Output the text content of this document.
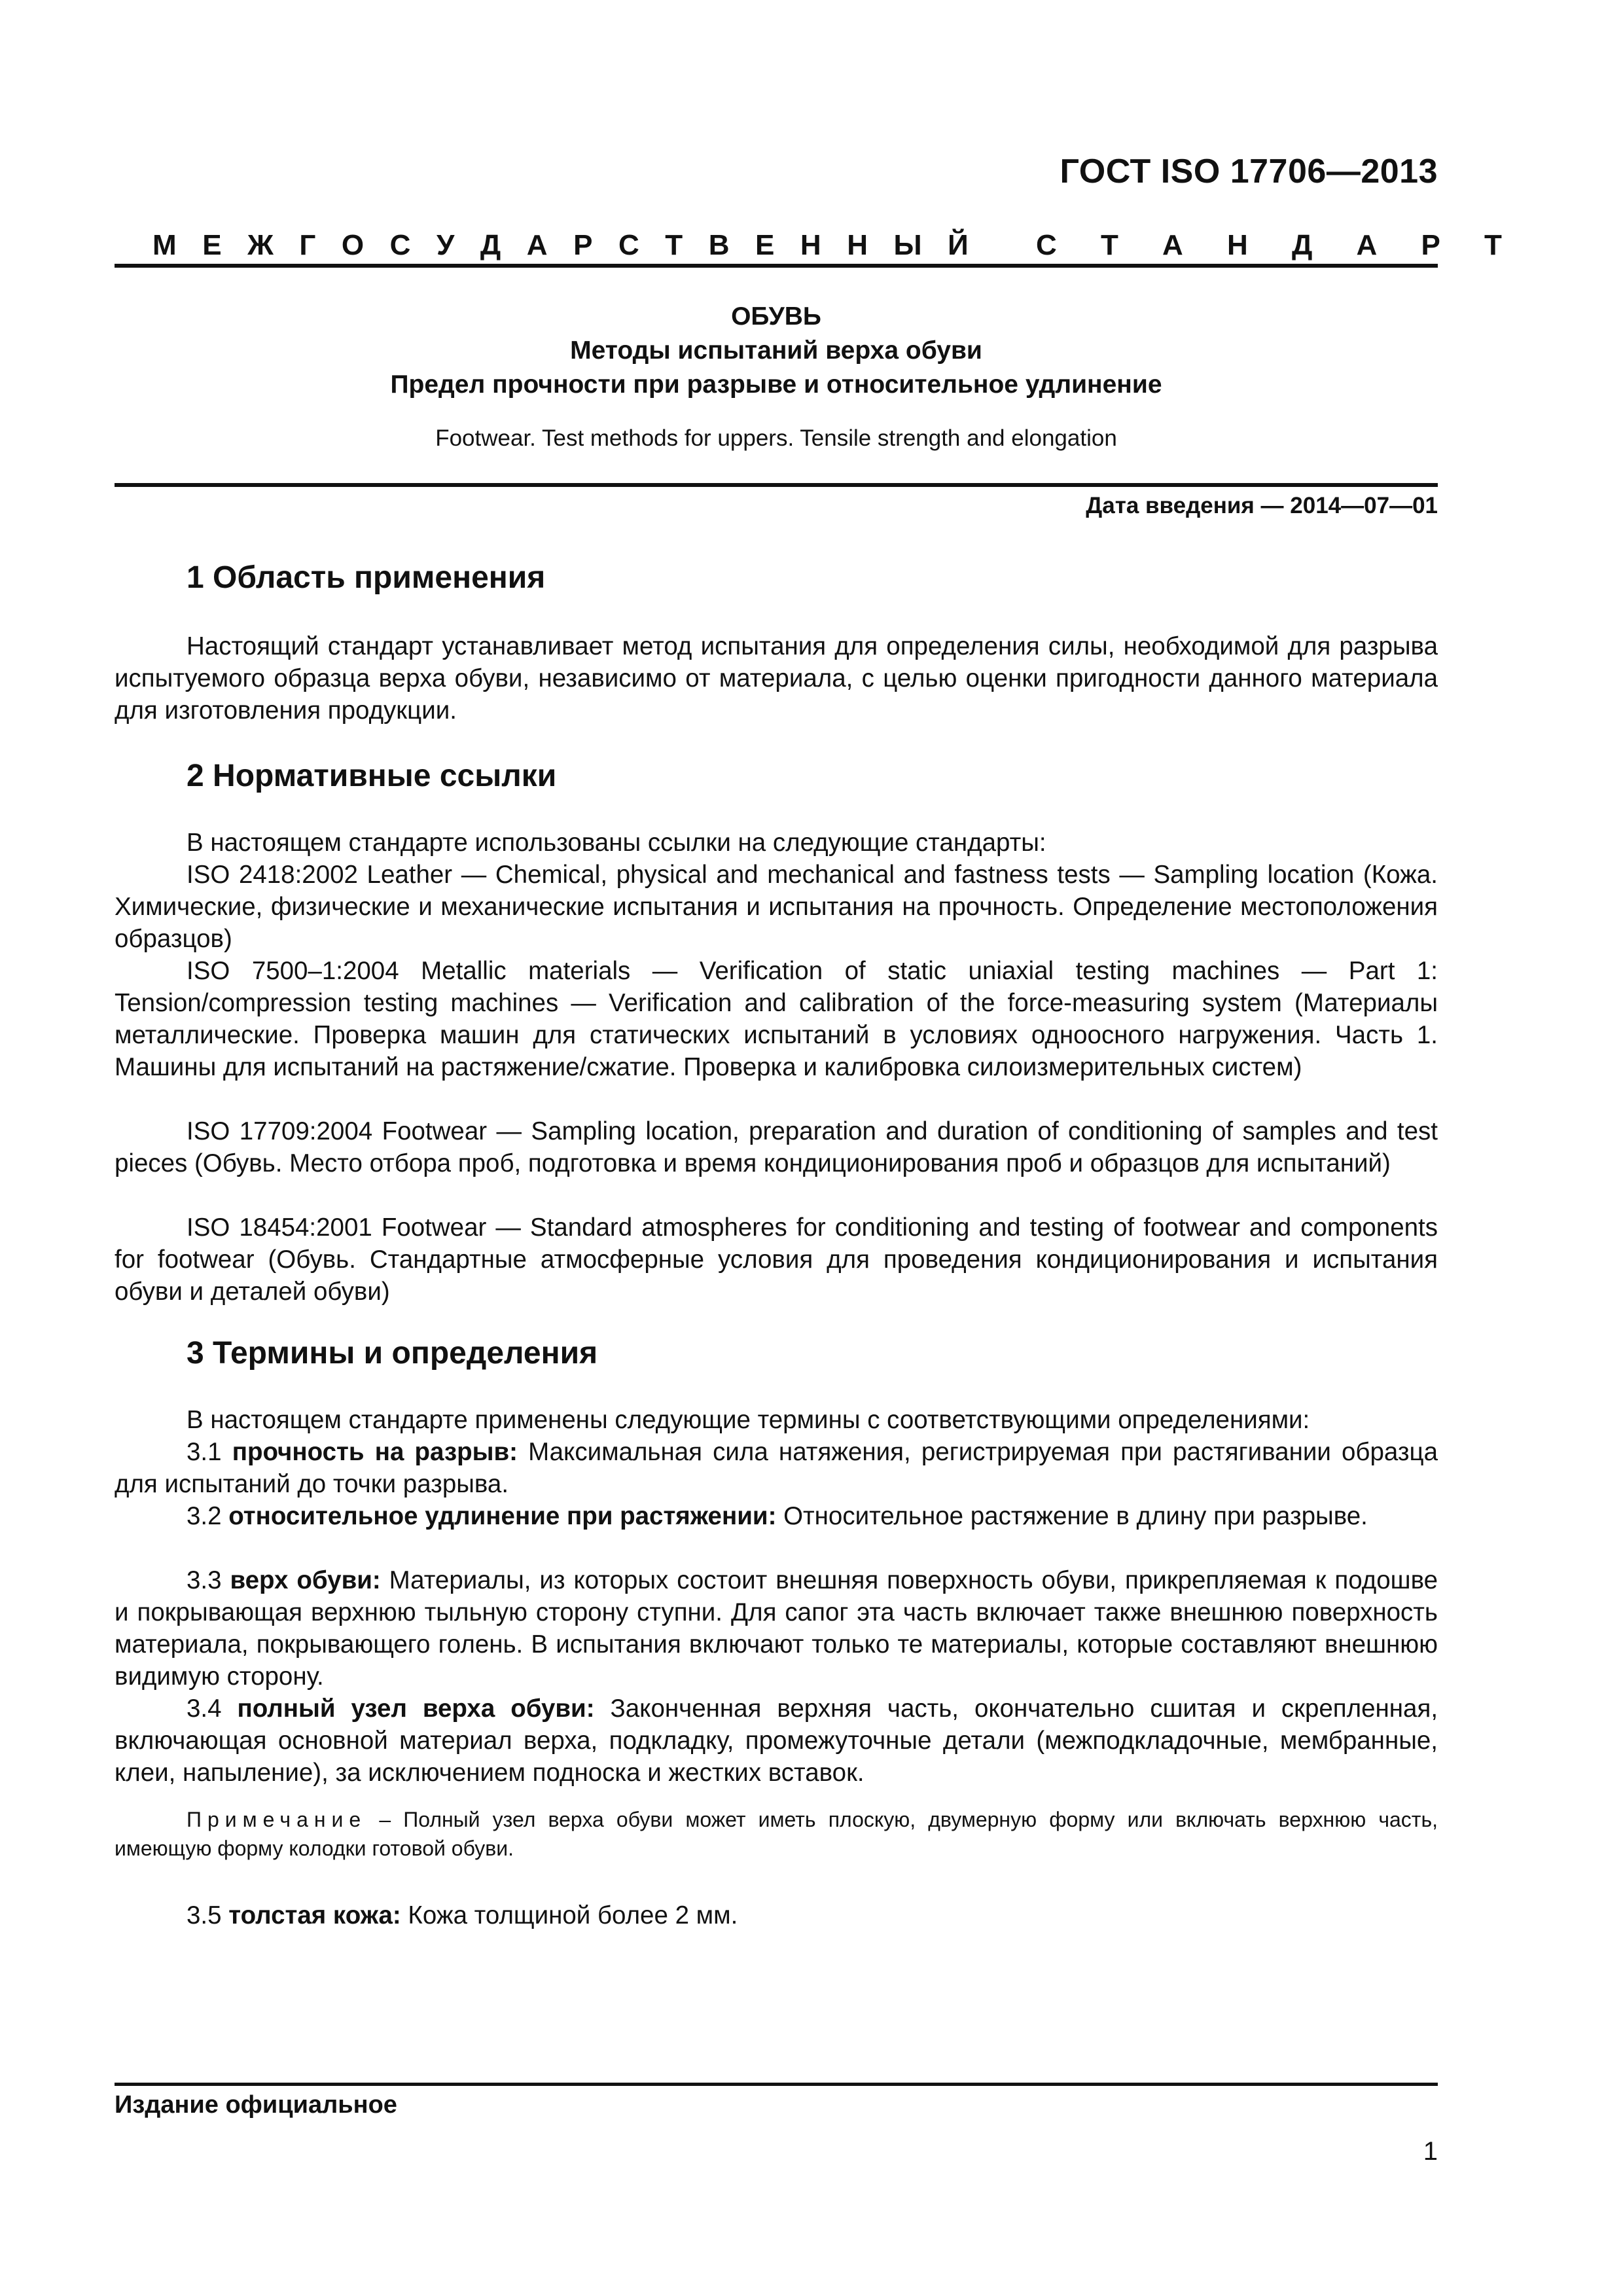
ГОСТ ISO 17706—2013
М Е Ж Г О С У Д А Р С Т В Е Н Н Ы Й С Т А Н Д А Р Т
ОБУВЬ
Методы испытаний верха обуви
Предел прочности при разрыве и относительное удлинение
Footwear. Test methods for uppers. Tensile strength and elongation
Дата введения — 2014—07—01
1 Область применения
Настоящий стандарт устанавливает метод испытания для определения силы, необходимой для разрыва испытуемого образца верха обуви, независимо от материала, с целью оценки пригодности данного материала для изготовления продукции.
2 Нормативные ссылки
В настоящем стандарте использованы ссылки на следующие стандарты:
ISO 2418:2002 Leather — Chemical, physical and mechanical and fastness tests — Sampling location (Кожа. Химические, физические и механические испытания и испытания на прочность. Определение местоположения образцов)
ISO 7500–1:2004 Metallic materials — Verification of static uniaxial testing machines — Part 1: Tension/compression testing machines — Verification and calibration of the force-measuring system (Материалы металлические. Проверка машин для статических испытаний в условиях одноосного нагружения. Часть 1. Машины для испытаний на растяжение/сжатие. Проверка и калибровка силоизмерительных систем)
ISO 17709:2004 Footwear — Sampling location, preparation and duration of conditioning of samples and test pieces (Обувь. Место отбора проб, подготовка и время кондиционирования проб и образцов для испытаний)
ISO 18454:2001 Footwear — Standard atmospheres for conditioning and testing of footwear and components for footwear (Обувь. Стандартные атмосферные условия для проведения кондиционирования и испытания обуви и деталей обуви)
3 Термины и определения
В настоящем стандарте применены следующие термины с соответствующими определениями:
3.1 прочность на разрыв: Максимальная сила натяжения, регистрируемая при растягивании образца для испытаний до точки разрыва.
3.2 относительное удлинение при растяжении: Относительное растяжение в длину при разрыве.
3.3 верх обуви: Материалы, из которых состоит внешняя поверхность обуви, прикрепляемая к подошве и покрывающая верхнюю тыльную сторону ступни. Для сапог эта часть включает также внешнюю поверхность материала, покрывающего голень. В испытания включают только те материалы, которые составляют внешнюю видимую сторону.
3.4 полный узел верха обуви: Законченная верхняя часть, окончательно сшитая и скрепленная, включающая основной материал верха, подкладку, промежуточные детали (межподкладочные, мембранные, клеи, напыление), за исключением подноска и жестких вставок.
Примечание – Полный узел верха обуви может иметь плоскую, двумерную форму или включать верхнюю часть, имеющую форму колодки готовой обуви.
3.5 толстая кожа: Кожа толщиной более 2 мм.
Издание официальное
1
